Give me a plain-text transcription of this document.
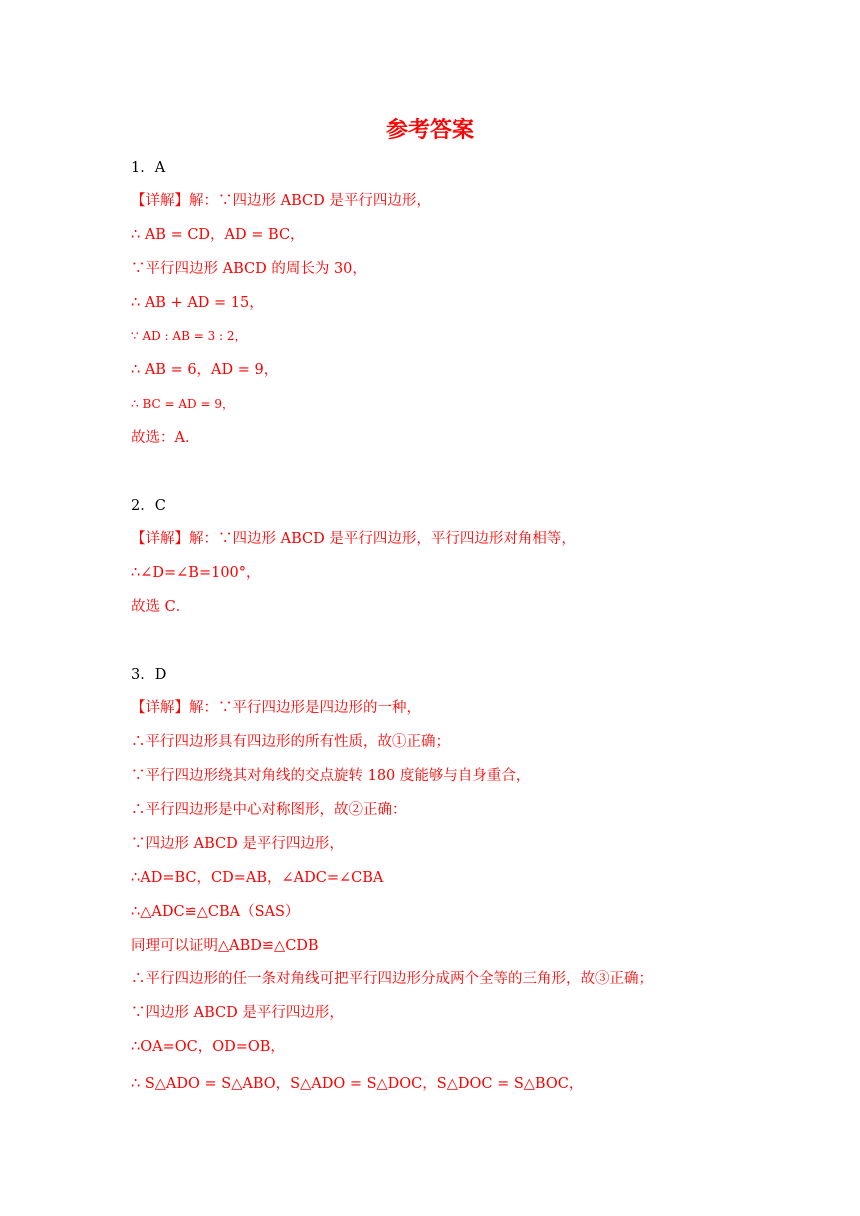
参考答案
1．A
【详解】解：∵四边形 ABCD 是平行四边形，
∴ AB = CD，AD = BC，
∵平行四边形 ABCD 的周长为 30，
∴ AB + AD = 15，
∵ AD : AB = 3 : 2，
∴ AB = 6，AD = 9，
∴ BC = AD = 9，
故选：A．
2．C
【详解】解：∵四边形 ABCD 是平行四边形，平行四边形对角相等，
∴∠D=∠B=100°，
故选 C．
3．D
【详解】解：∵平行四边形是四边形的一种，
∴平行四边形具有四边形的所有性质，故①正确；
∵平行四边形绕其对角线的交点旋转 180 度能够与自身重合，
∴平行四边形是中心对称图形，故②正确：
∵四边形 ABCD 是平行四边形，
∴AD=BC，CD=AB，∠ADC=∠CBA
∴△ADC≌△CBA（SAS）
同理可以证明△ABD≌△CDB
∴平行四边形的任一条对角线可把平行四边形分成两个全等的三角形，故③正确；
∵四边形 ABCD 是平行四边形，
∴OA=OC，OD=OB，
∴ S△ADO = S△ABO，S△ADO = S△DOC，S△DOC = S△BOC，
